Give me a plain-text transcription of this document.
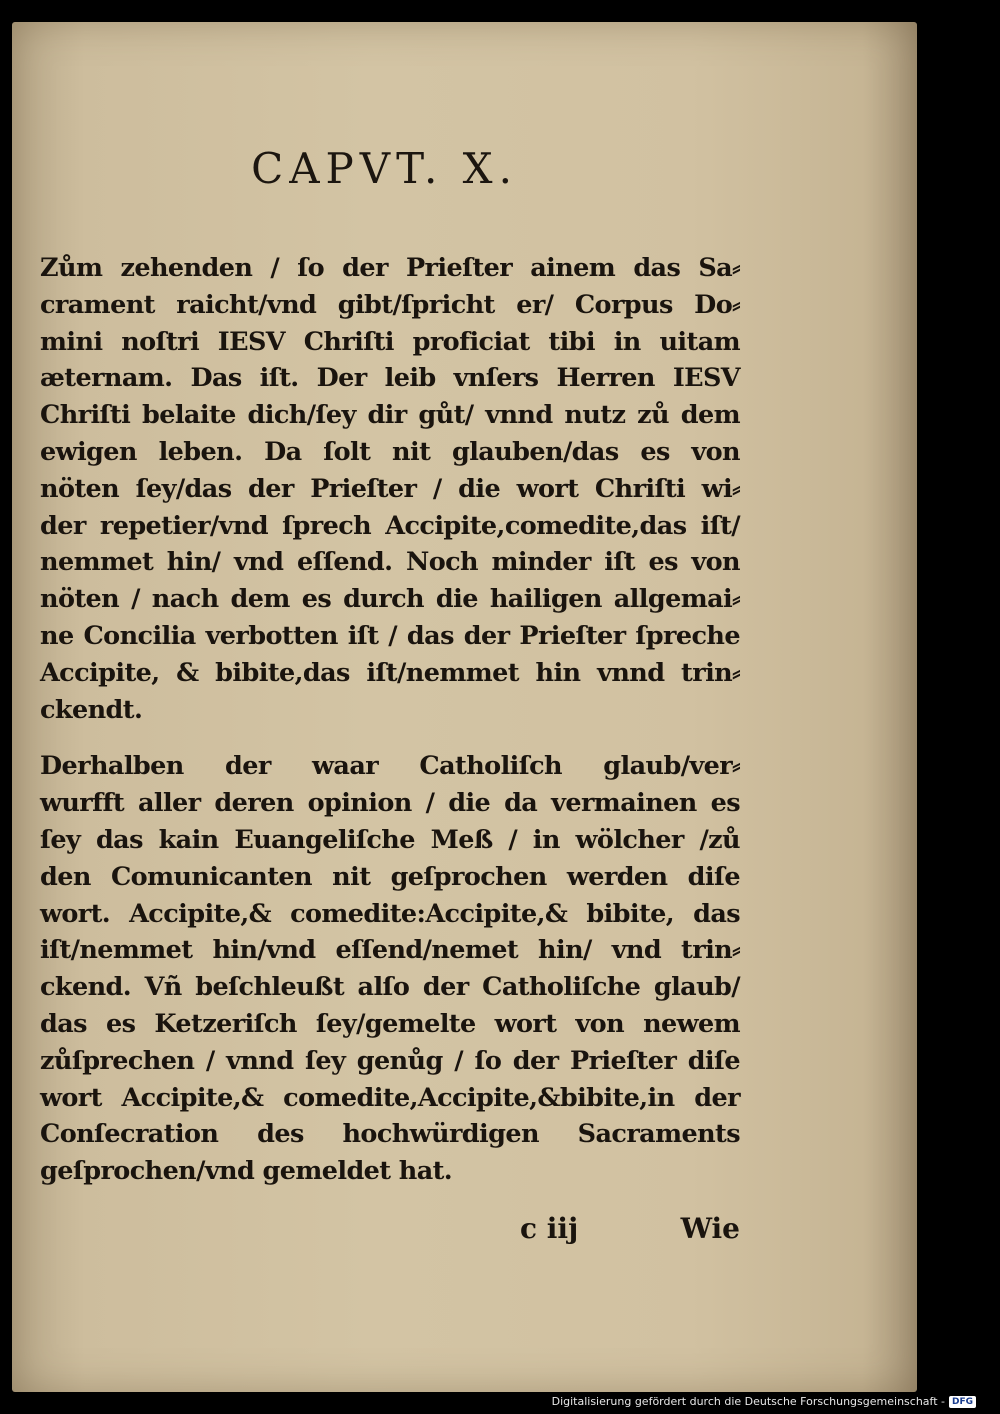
CAPVT. X.
Zům zehenden / ſo der Prieſter ainem das Sa⸗
crament raicht/vnd gibt/ſpricht er/ Corpus Do⸗
mini noſtri IESV Chriſti proficiat tibi in uitam
æternam. Das iſt. Der leib vnſers Herren IESV
Chriſti belaite dich/ſey dir gůt/ vnnd nutz zů dem
ewigen leben. Da ſolt nit glauben/das es von
nöten ſey/das der Prieſter / die wort Chriſti wi⸗
der repetier/vnd ſprech Accipite,comedite,das iſt/
nemmet hin/ vnd eſſend. Noch minder iſt es von
nöten / nach dem es durch die hailigen allgemai⸗
ne Concilia verbotten iſt / das der Prieſter ſpreche
Accipite, & bibite,das iſt/nemmet hin vnnd trin⸗
ckendt.
Derhalben der waar Catholiſch glaub/ver⸗
wurfft aller deren opinion / die da vermainen es
ſey das kain Euangeliſche Meß / in wölcher /zů
den Comunicanten nit geſprochen werden diſe
wort. Accipite,& comedite:Accipite,& bibite, das
iſt/nemmet hin/vnd eſſend/nemet hin/ vnd trin⸗
ckend. Vñ beſchleußt alſo der Catholiſche glaub/
das es Ketzeriſch ſey/gemelte wort von newem
zůſprechen / vnnd ſey genůg / ſo der Prieſter diſe
wort Accipite,& comedite,Accipite,&bibite,in der
Conſecration des hochwürdigen Sacraments
geſprochen/vnd gemeldet hat.
c iij	Wie
Digitalisierung gefördert durch die Deutsche Forschungsgemeinschaft - DFG
